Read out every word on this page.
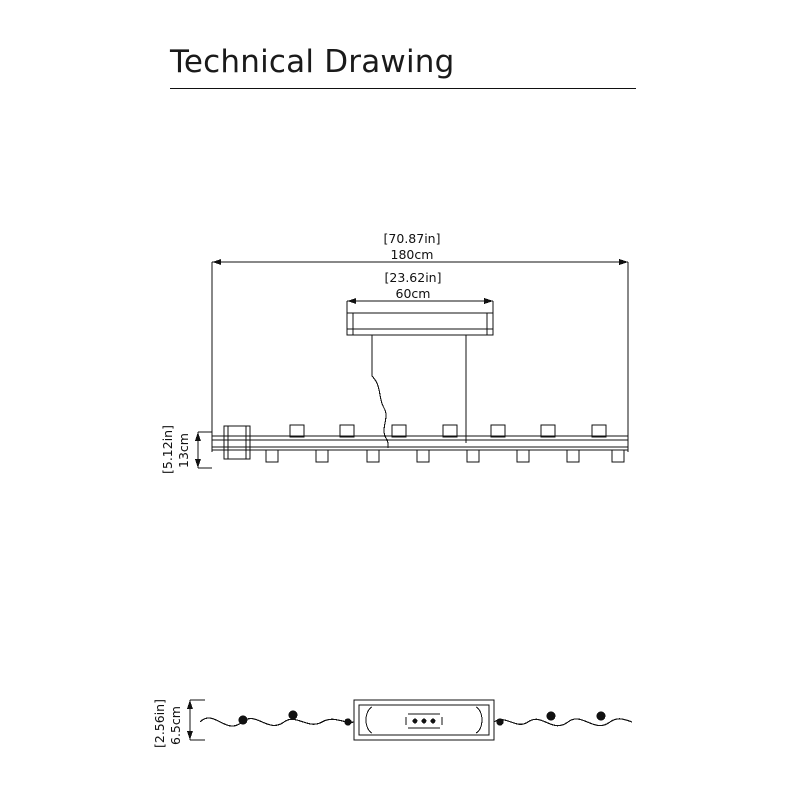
Technical Drawing
[70.87in]
180cm
[23.62in]
60cm
[5.12in] 13cm
[2.56in] 6.5cm
